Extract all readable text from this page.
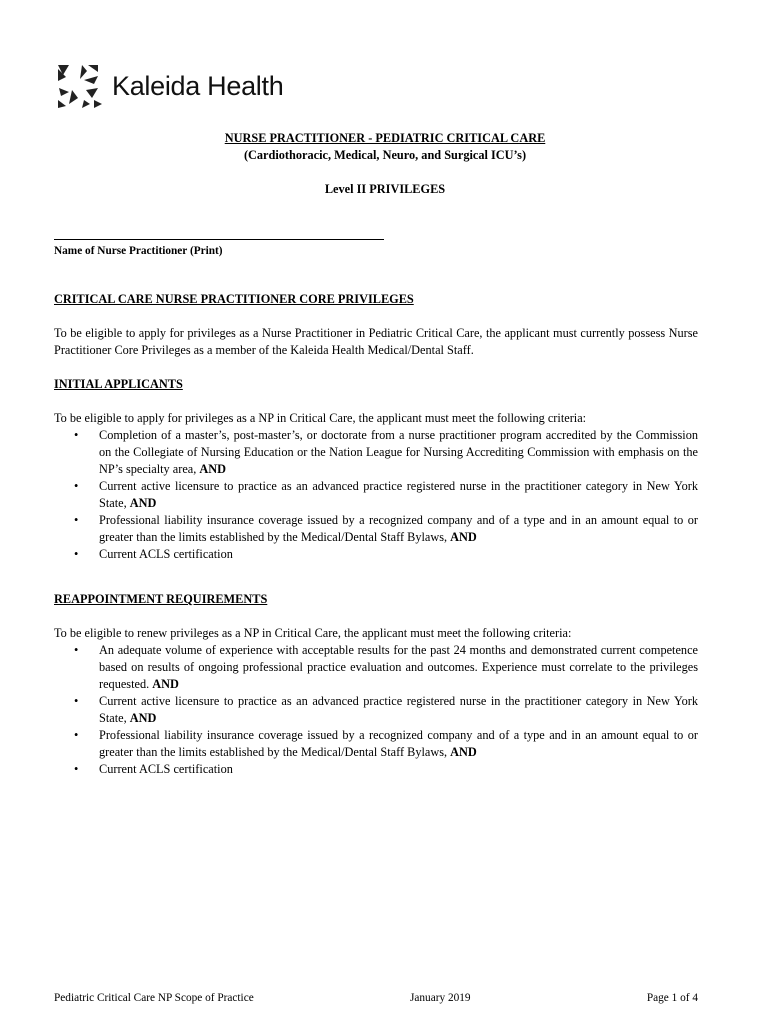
Kaleida Health
NURSE PRACTITIONER - PEDIATRIC CRITICAL CARE
(Cardiothoracic, Medical, Neuro, and Surgical ICU’s)
Level II PRIVILEGES
Name of Nurse Practitioner (Print)
CRITICAL CARE NURSE PRACTITIONER CORE PRIVILEGES

To be eligible to apply for privileges as a Nurse Practitioner in Pediatric Critical Care, the applicant must currently possess Nurse Practitioner Core Privileges as a member of the Kaleida Health Medical/Dental Staff.

INITIAL APPLICANTS

To be eligible to apply for privileges as a NP in Critical Care, the applicant must meet the following criteria:

• Completion of a master’s, post-master’s, or doctorate from a nurse practitioner program accredited by the Commission on the Collegiate of Nursing Education or the Nation League for Nursing Accrediting Commission with emphasis on the NP’s specialty area, AND
• Current active licensure to practice as an advanced practice registered nurse in the practitioner category in New York State, AND
• Professional liability insurance coverage issued by a recognized company and of a type and in an amount equal to or greater than the limits established by the Medical/Dental Staff Bylaws, AND
• Current ACLS certification
REAPPOINTMENT REQUIREMENTS

To be eligible to renew privileges as a NP in Critical Care, the applicant must meet the following criteria:

• An adequate volume of experience with acceptable results for the past 24 months and demonstrated current competence based on results of ongoing professional practice evaluation and outcomes. Experience must correlate to the privileges requested. AND
• Current active licensure to practice as an advanced practice registered nurse in the practitioner category in New York State, AND
• Professional liability insurance coverage issued by a recognized company and of a type and in an amount equal to or greater than the limits established by the Medical/Dental Staff Bylaws, AND
• Current ACLS certification
Pediatric Critical Care NP Scope of Practice	January 2019	Page 1 of 4
